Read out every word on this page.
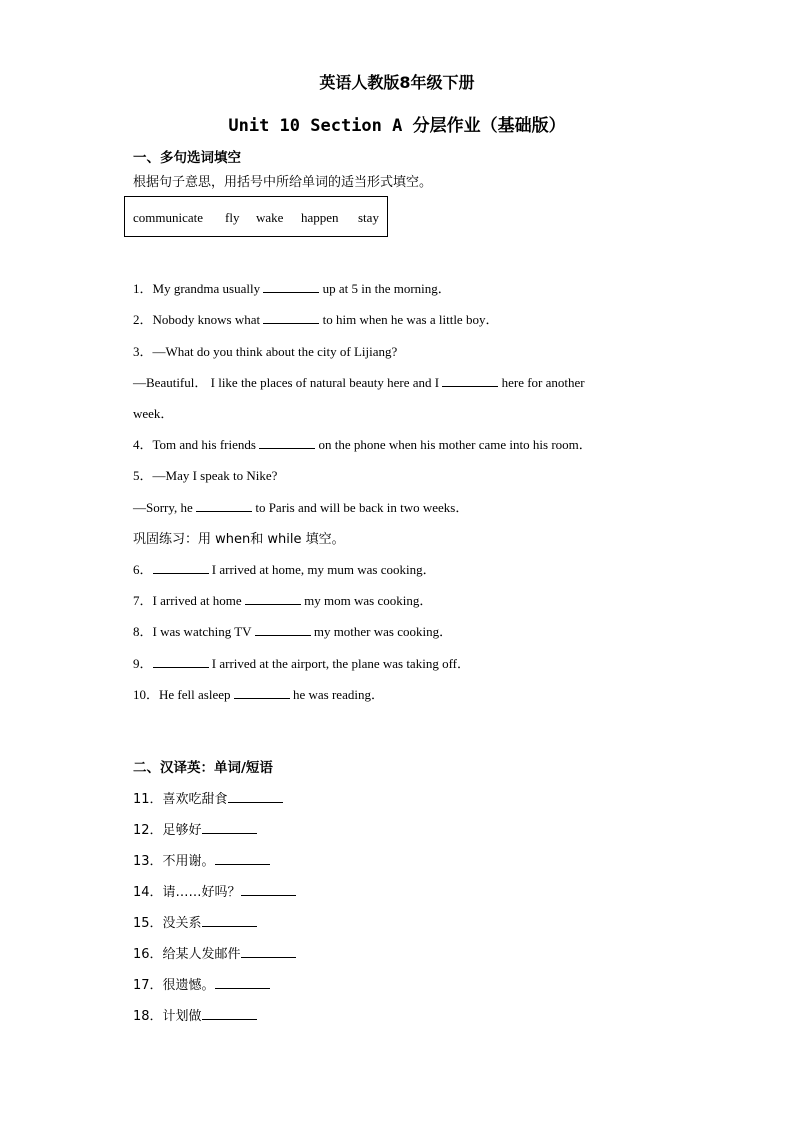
英语人教版8年级下册
Unit 10 Section A 分层作业（基础版）
一、多句选词填空
根据句子意思，用括号中所给单词的适当形式填空。
communicate fly wake happen stay
1．My grandma usually	up at 5 in the morning．
2．Nobody knows what	to him when he was a little boy．
3．—What do you think about the city of Lijiang?
—Beautiful． I like the places of natural beauty here and I	here for another
week．
4．Tom and his friends	on the phone when his mother came into his room．
5．—May I speak to Nike?
—Sorry, he	to Paris and will be back in two weeks．
巩固练习：用 when和 while 填空。
6．	I arrived at home, my mum was cooking．
7．I arrived at home	my mom was cooking．
8．I was watching TV	my mother was cooking．
9．	I arrived at the airport, the plane was taking off．
10．He fell asleep	he was reading．
二、汉译英：单词/短语
11．喜欢吃甜食
12．足够好
13．不用谢。
14．请……好吗？
15．没关系
16．给某人发邮件
17．很遗憾。
18．计划做
